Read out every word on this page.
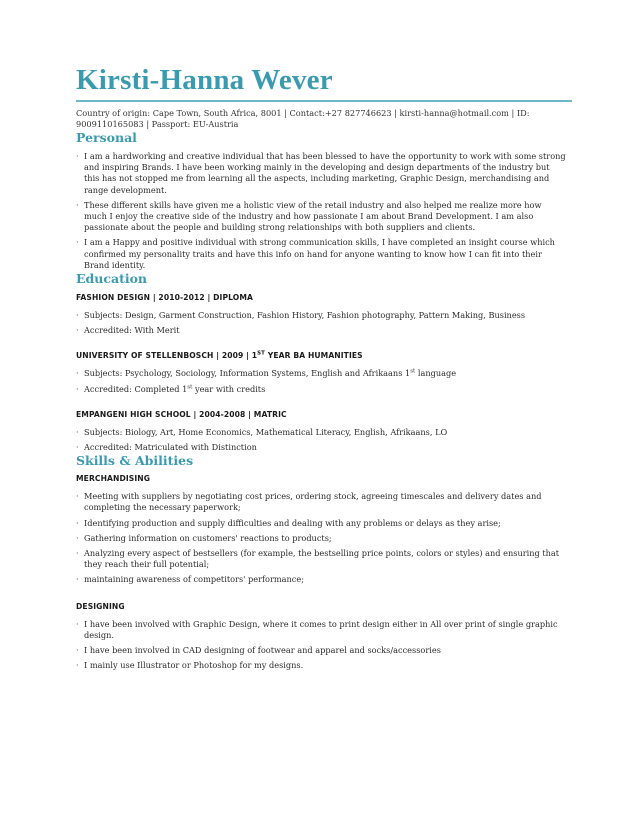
Kirsti-Hanna Wever

Country of origin: Cape Town, South Africa, 8001 | Contact:+27 827746623 | kirsti-hanna@hotmail.com | ID:
9009110165083 | Passport: EU-Austria

Personal
· I am a hardworking and creative individual that has been blessed to have the opportunity to work with some strong and inspiring Brands. I have been working mainly in the developing and design departments of the industry but this has not stopped me from learning all the aspects, including marketing, Graphic Design, merchandising and range development.
· These different skills have given me a holistic view of the retail industry and also helped me realize more how much I enjoy the creative side of the industry and how passionate I am about Brand Development. I am also passionate about the people and building strong relationships with both suppliers and clients.
· I am a Happy and positive individual with strong communication skills, I have completed an insight course which confirmed my personality traits and have this info on hand for anyone wanting to know how I can fit into their Brand identity.
Education

FASHION DESIGN | 2010-2012 | DIPLOMA

· Subjects: Design, Garment Construction, Fashion History, Fashion photography, Pattern Making, Business
· Accredited: With Merit

UNIVERSITY OF STELLENBOSCH | 2009 | 1ST YEAR BA HUMANITIES

· Subjects: Psychology, Sociology, Information Systems, English and Afrikaans 1st language
· Accredited: Completed 1st year with credits

EMPANGENI HIGH SCHOOL | 2004-2008 | MATRIC

· Subjects: Biology, Art, Home Economics, Mathematical Literacy, English, Afrikaans, LO
· Accredited: Matriculated with Distinction
Skills & Abilities

MERCHANDISING

· Meeting with suppliers by negotiating cost prices, ordering stock, agreeing timescales and delivery dates and completing the necessary paperwork;
· Identifying production and supply difficulties and dealing with any problems or delays as they arise;
· Gathering information on customers' reactions to products;
· Analyzing every aspect of bestsellers (for example, the bestselling price points, colors or styles) and ensuring that they reach their full potential;
· maintaining awareness of competitors' performance;

DESIGNING

· I have been involved with Graphic Design, where it comes to print design either in All over print of single graphic design.
· I have been involved in CAD designing of footwear and apparel and socks/accessories
· I mainly use Illustrator or Photoshop for my designs.
